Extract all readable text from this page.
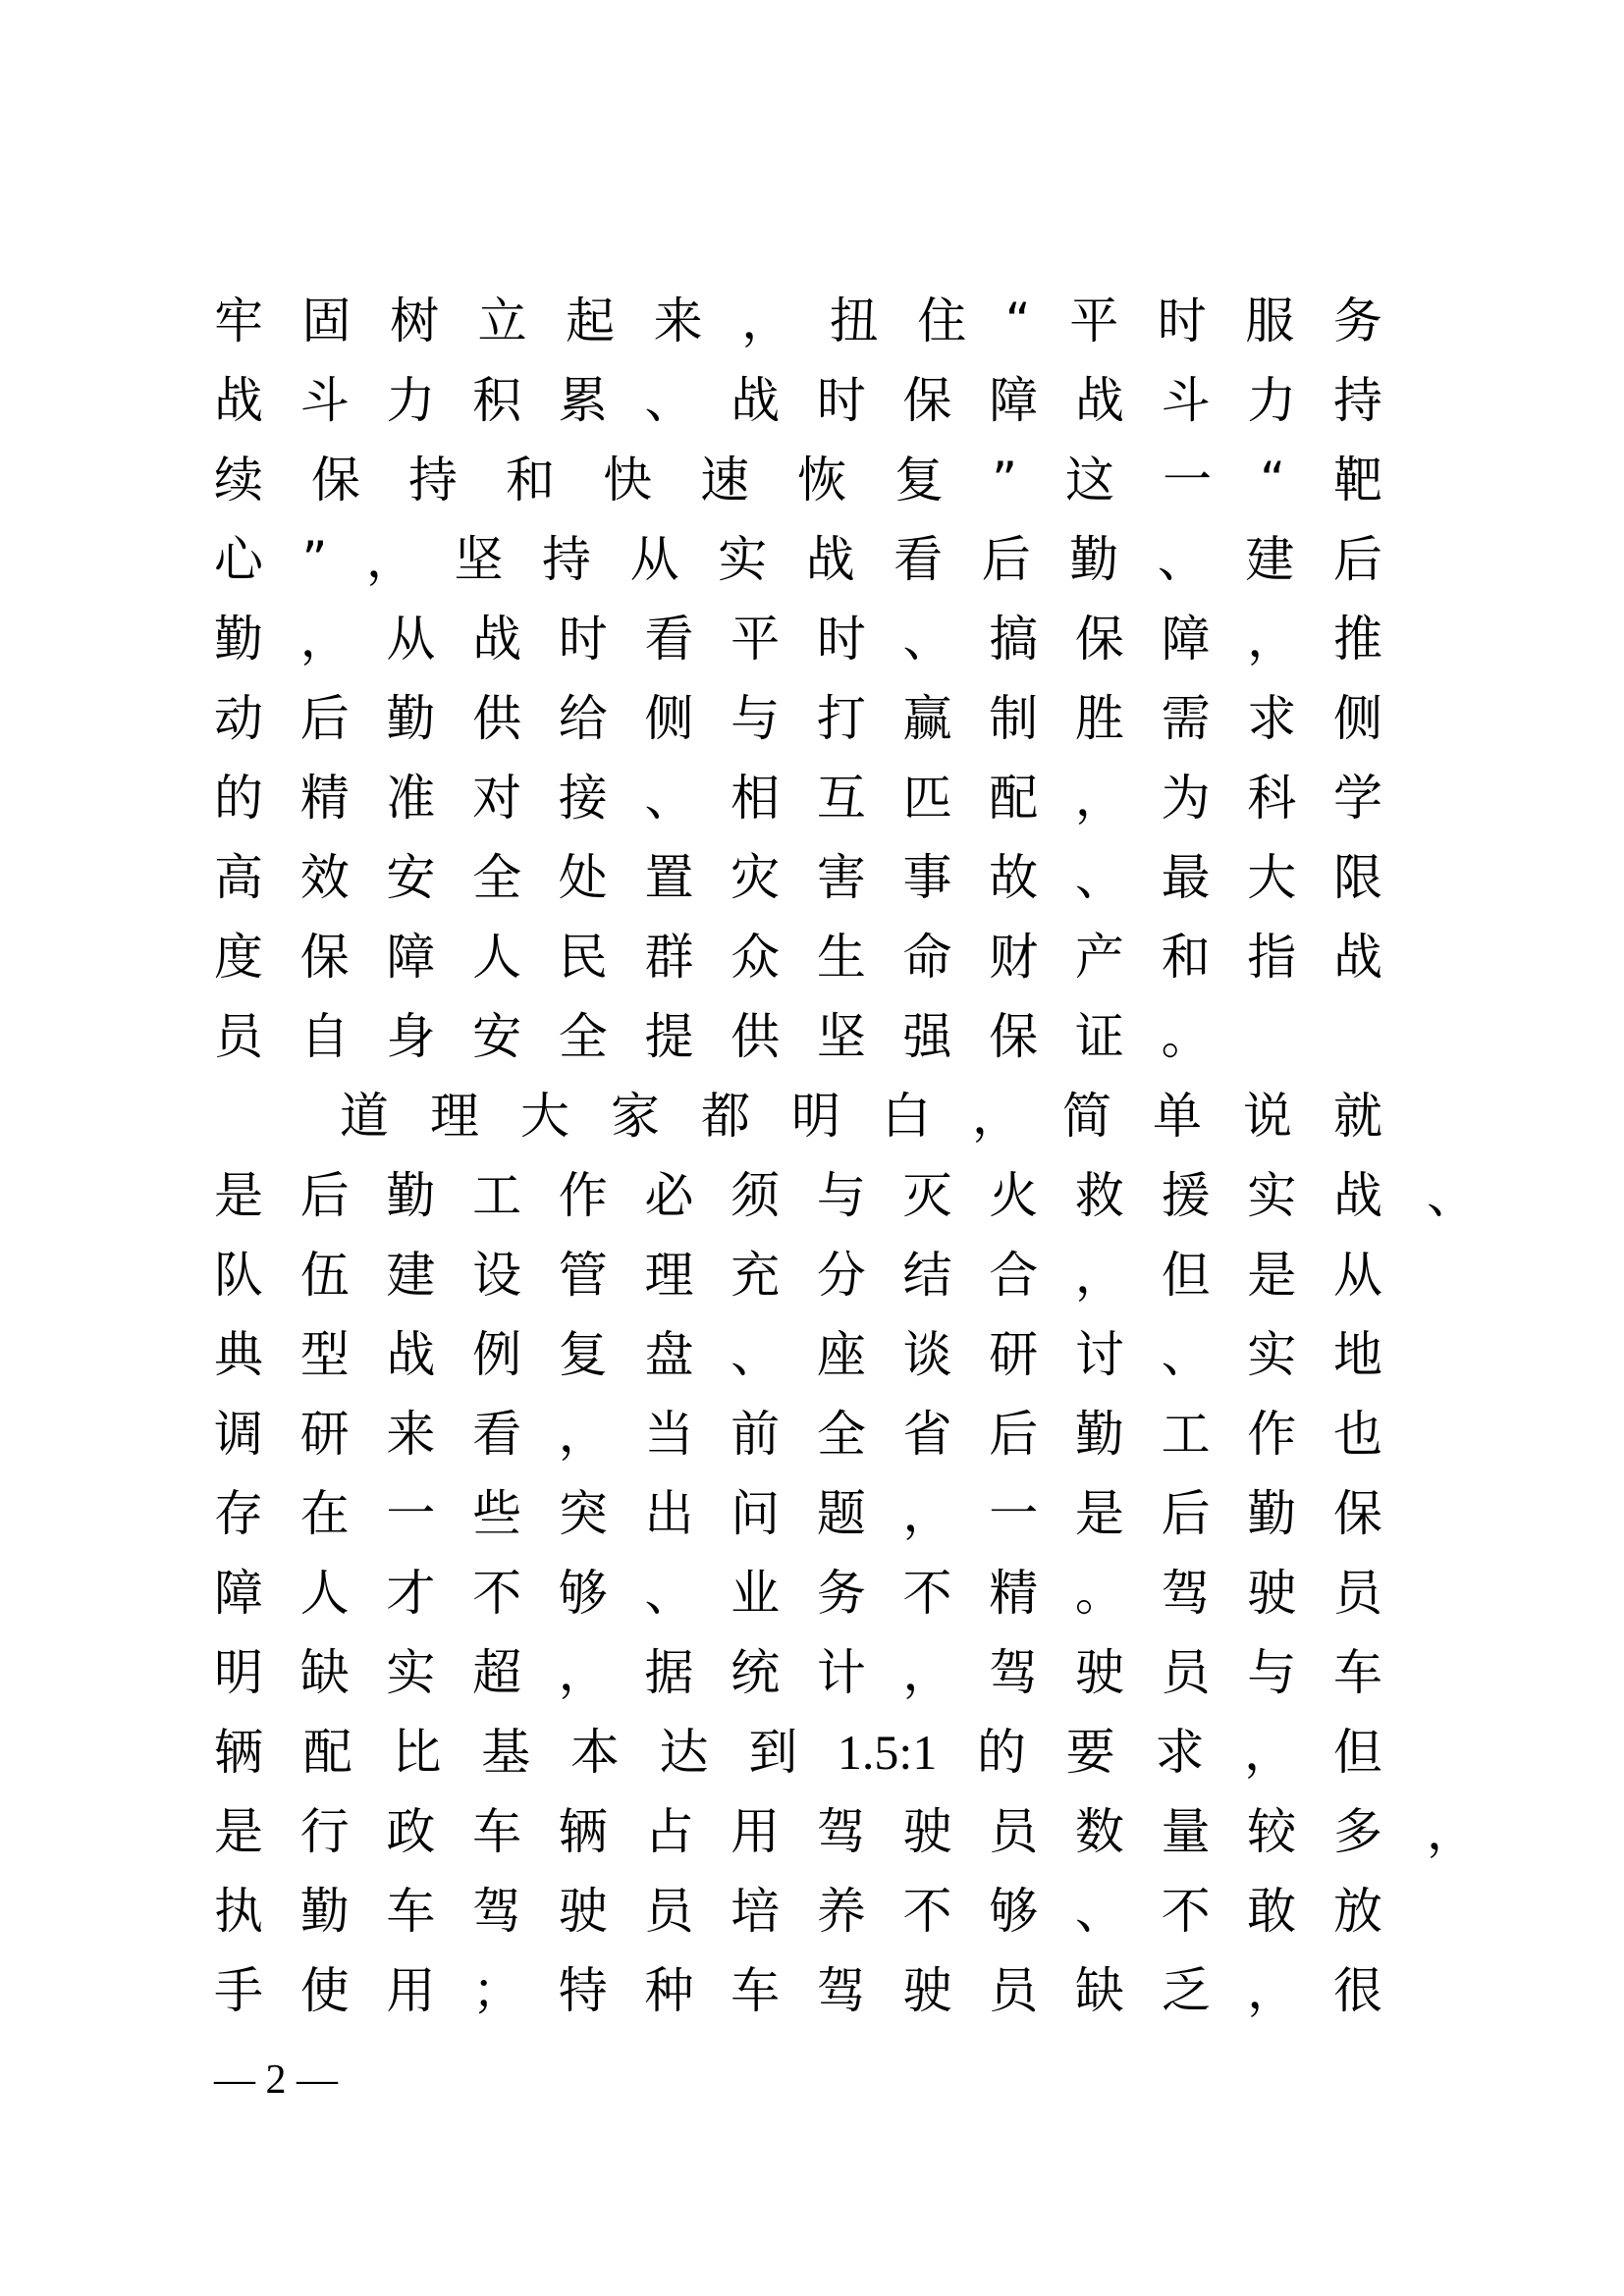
牢 固 树 立 起 来 ， 扭 住 “ 平 时 服 务
战 斗 力 积 累 、 战 时 保 障 战 斗 力 持
续 保 持 和 快 速 恢 复 ” 这 一 “ 靶
心 ” ， 坚 持 从 实 战 看 后 勤 、 建 后
勤 ， 从 战 时 看 平 时 、 搞 保 障 ， 推
动 后 勤 供 给 侧 与 打 赢 制 胜 需 求 侧
的 精 准 对 接 、 相 互 匹 配 ， 为 科 学
高 效 安 全 处 置 灾 害 事 故 、 最 大 限
度 保 障 人 民 群 众 生 命 财 产 和 指 战
员 自 身 安 全 提 供 坚 强 保 证 。

道 理 大 家 都 明 白 ， 简 单 说 就
是 后 勤 工 作 必 须 与 灭 火 救 援 实 战 、
队 伍 建 设 管 理 充 分 结 合 ， 但 是 从
典 型 战 例 复 盘 、 座 谈 研 讨 、 实 地
调 研 来 看 ， 当 前 全 省 后 勤 工 作 也
存 在 一 些 突 出 问 题 ， 一 是 后 勤 保
障 人 才 不 够 、 业 务 不 精 。 驾 驶 员
明 缺 实 超 ， 据 统 计 ， 驾 驶 员 与 车
辆 配 比 基 本 达 到 1.5:1 的 要 求 ， 但
是 行 政 车 辆 占 用 驾 驶 员 数 量 较 多 ，
执 勤 车 驾 驶 员 培 养 不 够 、 不 敢 放
手 使 用 ； 特 种 车 驾 驶 员 缺 乏 ， 很
— 2 —
